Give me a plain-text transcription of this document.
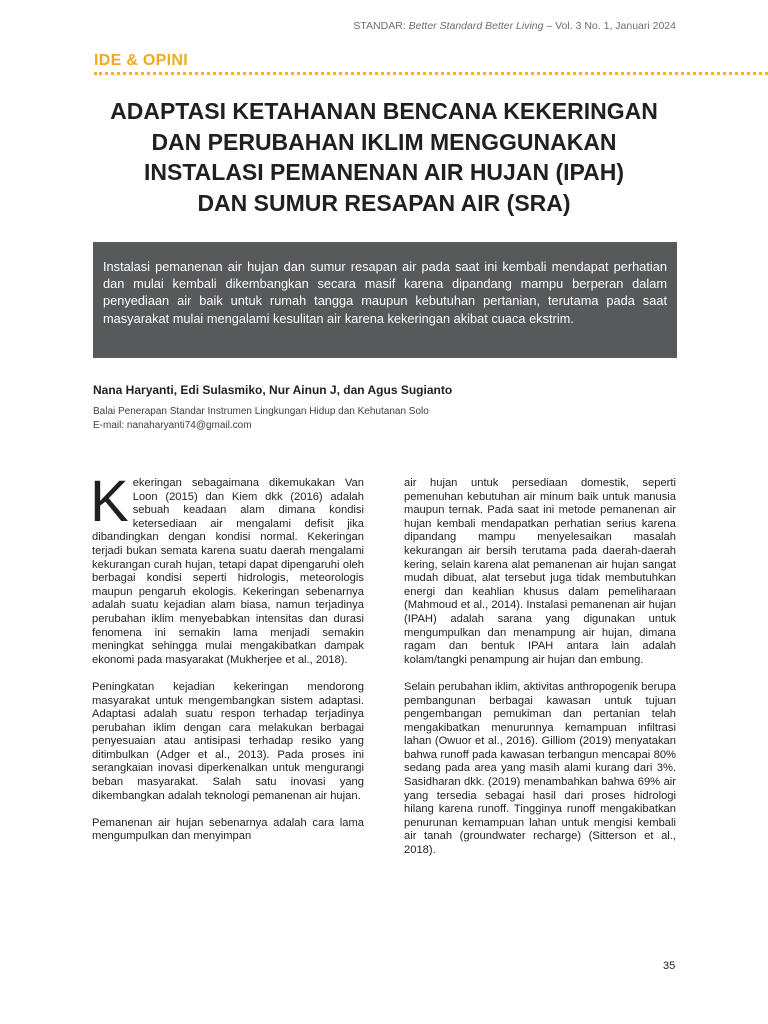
STANDAR: Better Standard Better Living – Vol. 3 No. 1, Januari 2024
IDE & OPINI
ADAPTASI KETAHANAN BENCANA KEKERINGAN
DAN PERUBAHAN IKLIM MENGGUNAKAN
INSTALASI PEMANENAN AIR HUJAN (IPAH)
DAN SUMUR RESAPAN AIR (SRA)

Instalasi pemanenan air hujan dan sumur resapan air pada saat ini kembali mendapat perhatian dan mulai kembali dikembangkan secara masif karena dipandang mampu berperan dalam penyediaan air baik untuk rumah tangga maupun kebutuhan pertanian, terutama pada saat masyarakat mulai mengalami kesulitan air karena kekeringan akibat cuaca ekstrim.

Nana Haryanti, Edi Sulasmiko, Nur Ainun J, dan Agus Sugianto
Balai Penerapan Standar Instrumen Lingkungan Hidup dan Kehutanan Solo
E-mail: nanaharyanti74@gmail.com

Kekeringan sebagaimana dikemukakan Van Loon (2015) dan Kiem dkk (2016) adalah sebuah keadaan alam dimana kondisi ketersediaan air mengalami defisit jika dibandingkan dengan kondisi normal. Kekeringan terjadi bukan semata karena suatu daerah mengalami kekurangan curah hujan, tetapi dapat dipengaruhi oleh berbagai kondisi seperti hidrologis, meteorologis maupun pengaruh ekologis. Kekeringan sebenarnya adalah suatu kejadian alam biasa, namun terjadinya perubahan iklim menyebabkan intensitas dan durasi fenomena ini semakin lama menjadi semakin meningkat sehingga mulai mengakibatkan dampak ekonomi pada masyarakat (Mukherjee et al., 2018).

Peningkatan kejadian kekeringan mendorong masyarakat untuk mengembangkan sistem adaptasi. Adaptasi adalah suatu respon terhadap terjadinya perubahan iklim dengan cara melakukan berbagai penyesuaian atau antisipasi terhadap resiko yang ditimbulkan (Adger et al., 2013). Pada proses ini serangkaian inovasi diperkenalkan untuk mengurangi beban masyarakat. Salah satu inovasi yang dikembangkan adalah teknologi pemanenan air hujan.

Pemanenan air hujan sebenarnya adalah cara lama mengumpulkan dan menyimpan

air hujan untuk persediaan domestik, seperti pemenuhan kebutuhan air minum baik untuk manusia maupun ternak. Pada saat ini metode pemanenan air hujan kembali mendapatkan perhatian serius karena dipandang mampu menyelesaikan masalah kekurangan air bersih terutama pada daerah-daerah kering, selain karena alat pemanenan air hujan sangat mudah dibuat, alat tersebut juga tidak membutuhkan energi dan keahlian khusus dalam pemeliharaan (Mahmoud et al., 2014). Instalasi pemanenan air hujan (IPAH) adalah sarana yang digunakan untuk mengumpulkan dan menampung air hujan, dimana ragam dan bentuk IPAH antara lain adalah kolam/tangki penampung air hujan dan embung.

Selain perubahan iklim, aktivitas anthropogenik berupa pembangunan berbagai kawasan untuk tujuan pengembangan pemukiman dan pertanian telah mengakibatkan menurunnya kemampuan infiltrasi lahan (Owuor et al., 2016). Gilliom (2019) menyatakan bahwa runoff pada kawasan terbangun mencapai 80% sedang pada area yang masih alami kurang dari 3%. Sasidharan dkk. (2019) menambahkan bahwa 69% air yang tersedia sebagai hasil dari proses hidrologi hilang karena runoff. Tingginya runoff mengakibatkan penurunan kemampuan lahan untuk mengisi kembali air tanah (groundwater recharge) (Sitterson et al., 2018).

35
